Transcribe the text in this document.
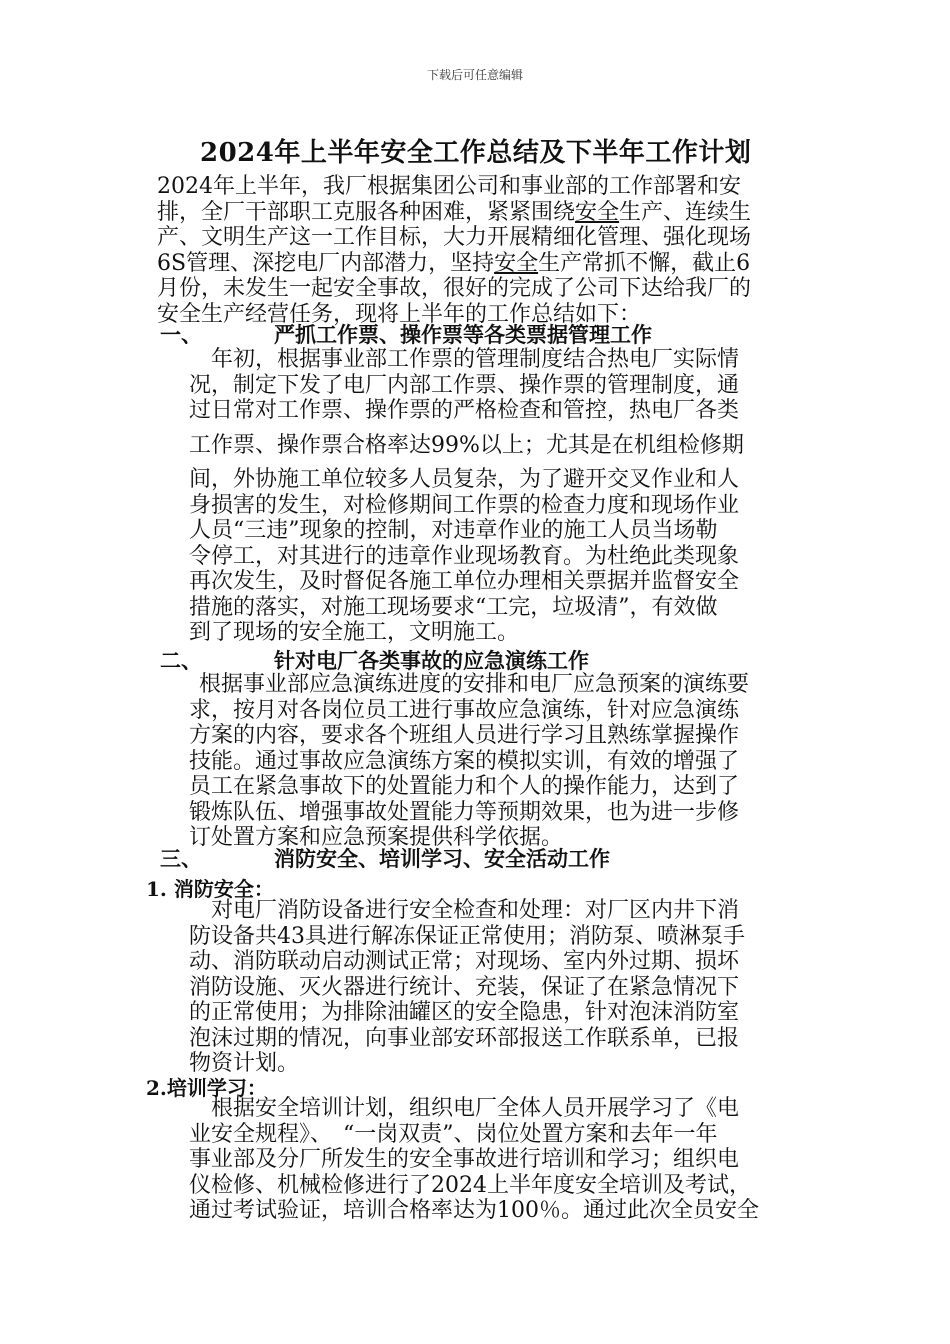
下载后可任意编辑
2024年上半年安全工作总结及下半年工作计划
2024年上半年，我厂根据集团公司和事业部的工作部署和安
排，全厂干部职工克服各种困难，紧紧围绕安全生产、连续生
产、文明生产这一工作目标，大力开展精细化管理、强化现场
6S管理、深挖电厂内部潜力，坚持安全生产常抓不懈，截止6
月份，未发生一起安全事故，很好的完成了公司下达给我厂的
安全生产经营任务，现将上半年的工作总结如下：
一、	严抓工作票、操作票等各类票据管理工作
　年初，根据事业部工作票的管理制度结合热电厂实际情
况，制定下发了电厂内部工作票、操作票的管理制度，通
过日常对工作票、操作票的严格检查和管控，热电厂各类
工作票、操作票合格率达99%以上；尤其是在机组检修期
间，外协施工单位较多人员复杂，为了避开交叉作业和人
身损害的发生，对检修期间工作票的检查力度和现场作业
人员“三违”现象的控制，对违章作业的施工人员当场勒
令停工，对其进行的违章作业现场教育。为杜绝此类现象
再次发生，及时督促各施工单位办理相关票据并监督安全
措施的落实，对施工现场要求“工完，垃圾清”，有效做
到了现场的安全施工，文明施工。
二、	针对电厂各类事故的应急演练工作
根据事业部应急演练进度的安排和电厂应急预案的演练要
求，按月对各岗位员工进行事故应急演练，针对应急演练
方案的内容，要求各个班组人员进行学习且熟练掌握操作
技能。通过事故应急演练方案的模拟实训，有效的增强了
员工在紧急事故下的处置能力和个人的操作能力，达到了
锻炼队伍、增强事故处置能力等预期效果，也为进一步修
订处置方案和应急预案提供科学依据。
三、	消防安全、培训学习、安全活动工作
1. 消防安全：
　对电厂消防设备进行安全检查和处理：对厂区内井下消
防设备共43具进行解冻保证正常使用；消防泵、喷淋泵手
动、消防联动启动测试正常；对现场、室内外过期、损坏
消防设施、灭火器进行统计、充装，保证了在紧急情况下
的正常使用；为排除油罐区的安全隐患，针对泡沫消防室
泡沫过期的情况，向事业部安环部报送工作联系单，已报
物资计划。
2.培训学习：
　根据安全培训计划，组织电厂全体人员开展学习了《电
业安全规程》、　“一岗双责”、岗位处置方案和去年一年
事业部及分厂所发生的安全事故进行培训和学习；组织电
仪检修、机械检修进行了2024上半年度安全培训及考试，
通过考试验证，培训合格率达为100％。通过此次全员安全
